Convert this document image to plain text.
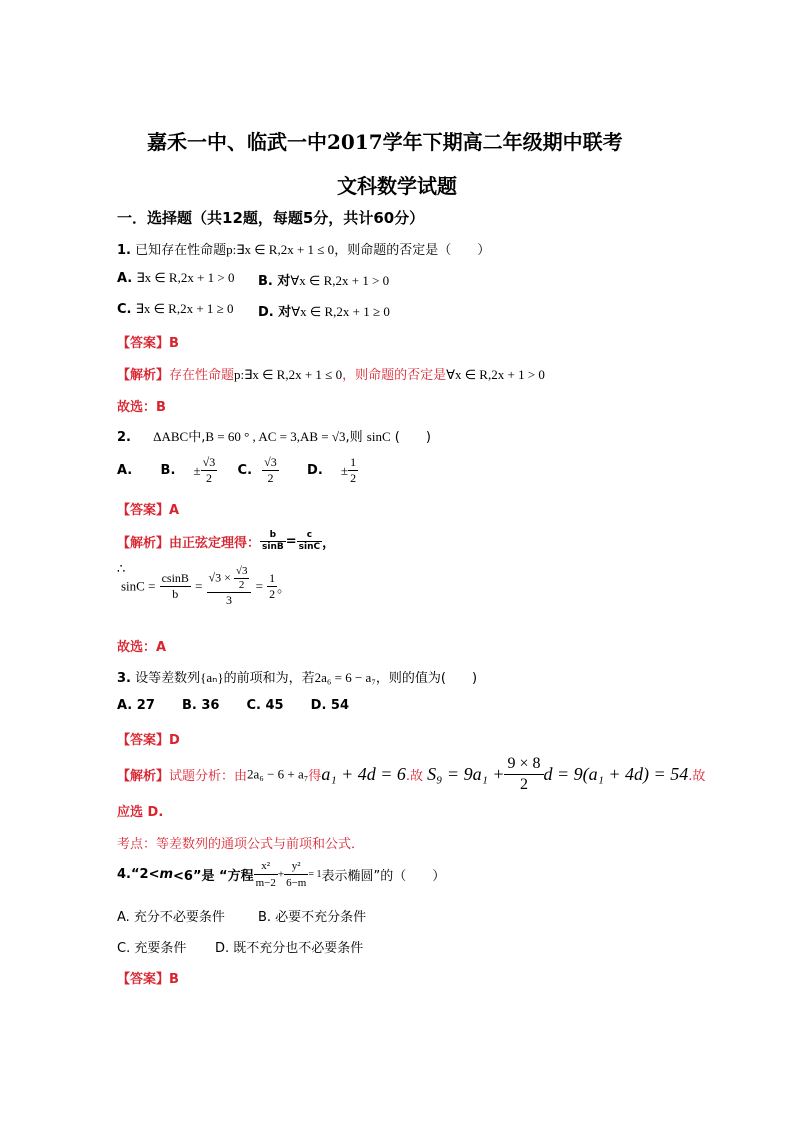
嘉禾一中、临武一中2017学年下期高二年级期中联考
文科数学试题
一．选择题（共12题，每题5分，共计60分）
1. 已知存在性命题p:∃x ∈ R,2x + 1 ≤ 0，则命题的否定是（　　）
A. ∃x ∈ R,2x + 1 > 0 B. 对∀x ∈ R,2x + 1 > 0
C. ∃x ∈ R,2x + 1 ≥ 0 D. 对∀x ∈ R,2x + 1 ≥ 0
【答案】B
【解析】存在性命题p:∃x ∈ R,2x + 1 ≤ 0，则命题的否定是∀x ∈ R,2x + 1 > 0
故选：B
2. ΔABC中,B = 60 ° , AC = 3,AB = √3,则 sinC (　　)
A. B. ± $\frac{√3}{2} C$. $\frac{√3}{2} D$. ± $\frac{1}{2}$
【答案】A
【解析】由正弦定理得： $\frac{b}{\sin B} = \frac{c}{\sin C}$ ，
∴
$\sin C = \frac{csinB}{b} = \frac{√3 \times \frac{√3}{2}}{3} = \frac{1}{2}$ 。
故选：A
3. 设等差数列{aₙ}的前项和为，若2a₆ = 6 − a₇，则的值为(　　)
A. 27 B. 36 C. 45 D. 54
【答案】D
【解析】试题分析：由2a₆ − 6 + a₇得a₁ + 4d = 6.故 $S_9 = 9a_1 + \frac{9 \times 8}{2}$ d = 9(a₁ + 4d) = 54.故
应选 D.
考点：等差数列的通项公式与前项和公式．
4.“2<m<6”是 “方程 $\frac{\text{x²}}{m-2} + \frac{\text{y²}}{6-m} = 1$表示椭圆”的（　　）
A. 充分不必要条件	B. 必要不充分条件
C. 充要条件 D. 既不充分也不必要条件
【答案】B
